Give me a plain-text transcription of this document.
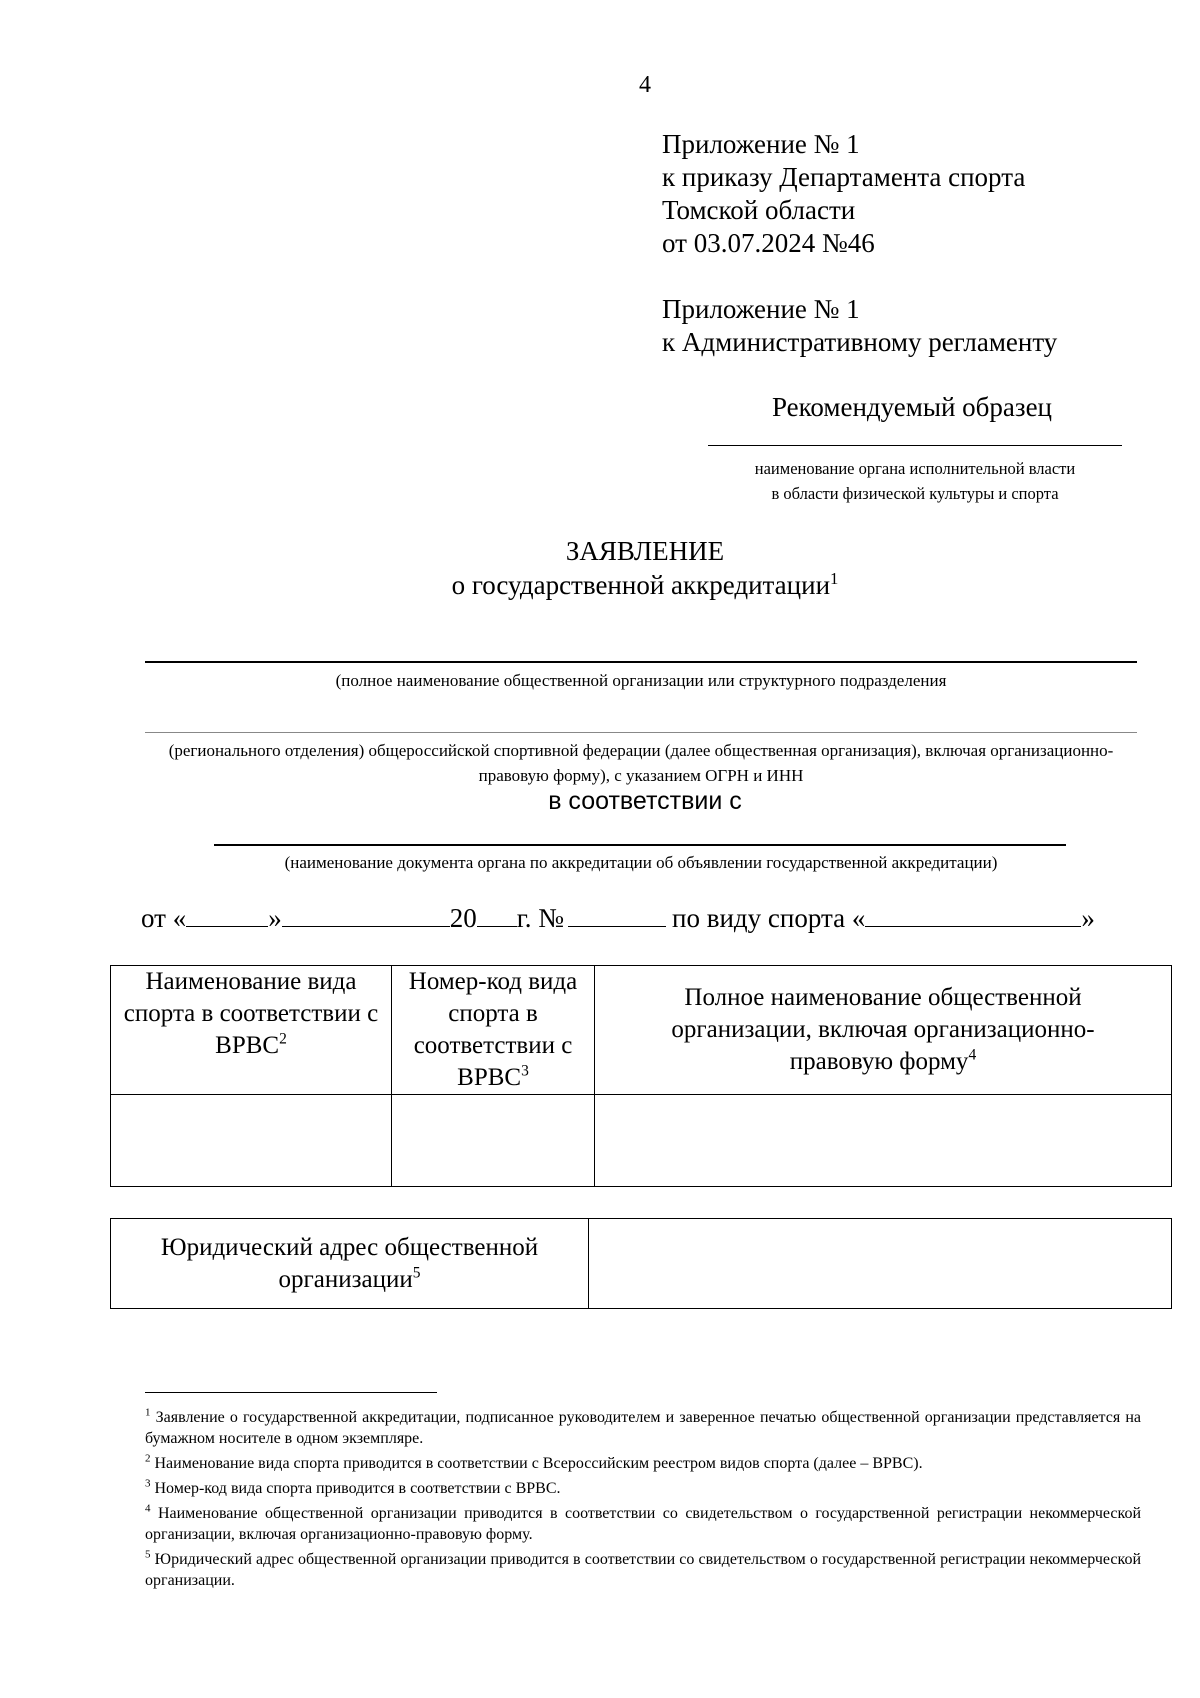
4
Приложение № 1
к приказу Департамента спорта
Томской области
от 03.07.2024 №46
Приложение № 1
к Административному регламенту
Рекомендуемый образец
наименование органа исполнительной власти
в области физической культуры и спорта
ЗАЯВЛЕНИЕ
о государственной аккредитации$^1$
(полное наименование общественной организации или структурного подразделения
(регионального отделения) общероссийской спортивной федерации (далее общественная организация), включая организационно-правовую форму), с указанием ОГРН и ИНН
в соответствии с
(наименование документа органа по аккредитации об объявлении государственной аккредитации)
от «	»	20 г. №	по виду спорта «	»
Наименование вида спорта в соответствии с ВРВС$^2$	Номер-код вида спорта в соответствии с ВРВС$^3$	Полное наименование общественной организации, включая организационно-правовую форму$^4$

Юридический адрес общественной организации$^5$	
$^1$ Заявление о государственной аккредитации, подписанное руководителем и заверенное печатью общественной организации представляется на бумажном носителе в одном экземпляре.
$^2$ Наименование вида спорта приводится в соответствии с Всероссийским реестром видов спорта (далее – ВРВС).
$^3$ Номер-код вида спорта приводится в соответствии с ВРВС.
$^4$ Наименование общественной организации приводится в соответствии со свидетельством о государственной регистрации некоммерческой организации, включая организационно-правовую форму.
$^5$ Юридический адрес общественной организации приводится в соответствии со свидетельством о государственной регистрации некоммерческой организации.
